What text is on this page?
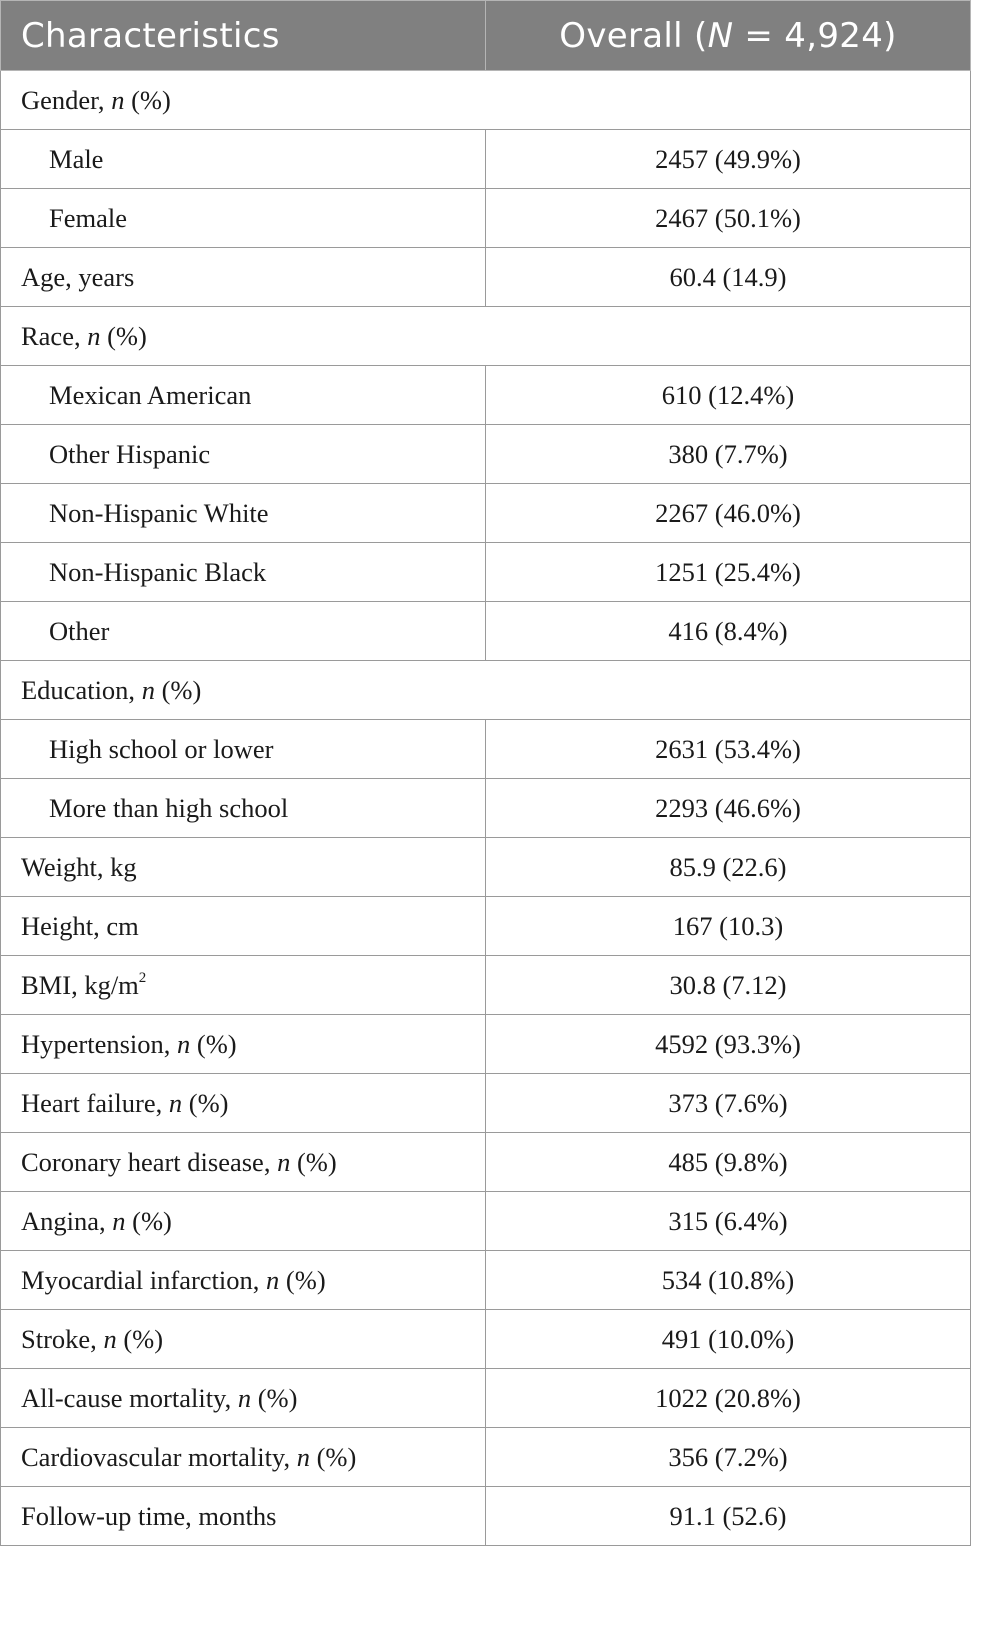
Characteristics	Overall (N = 4,924)
Gender, n (%)	
Male	2457 (49.9%)
Female	2467 (50.1%)
Age, years	60.4 (14.9)
Race, n (%)	
Mexican American	610 (12.4%)
Other Hispanic	380 (7.7%)
Non-Hispanic White	2267 (46.0%)
Non-Hispanic Black	1251 (25.4%)
Other	416 (8.4%)
Education, n (%)	
High school or lower	2631 (53.4%)
More than high school	2293 (46.6%)
Weight, kg	85.9 (22.6)
Height, cm	167 (10.3)
BMI, $kg/m^2$	30.8 (7.12)
Hypertension, n (%)	4592 (93.3%)
Heart failure, n (%)	373 (7.6%)
Coronary heart disease, n (%)	485 (9.8%)
Angina, n (%)	315 (6.4%)
Myocardial infarction, n (%)	534 (10.8%)
Stroke, n (%)	491 (10.0%)
All-cause mortality, n (%)	1022 (20.8%)
Cardiovascular mortality, n (%)	356 (7.2%)
Follow-up time, months	91.1 (52.6)
